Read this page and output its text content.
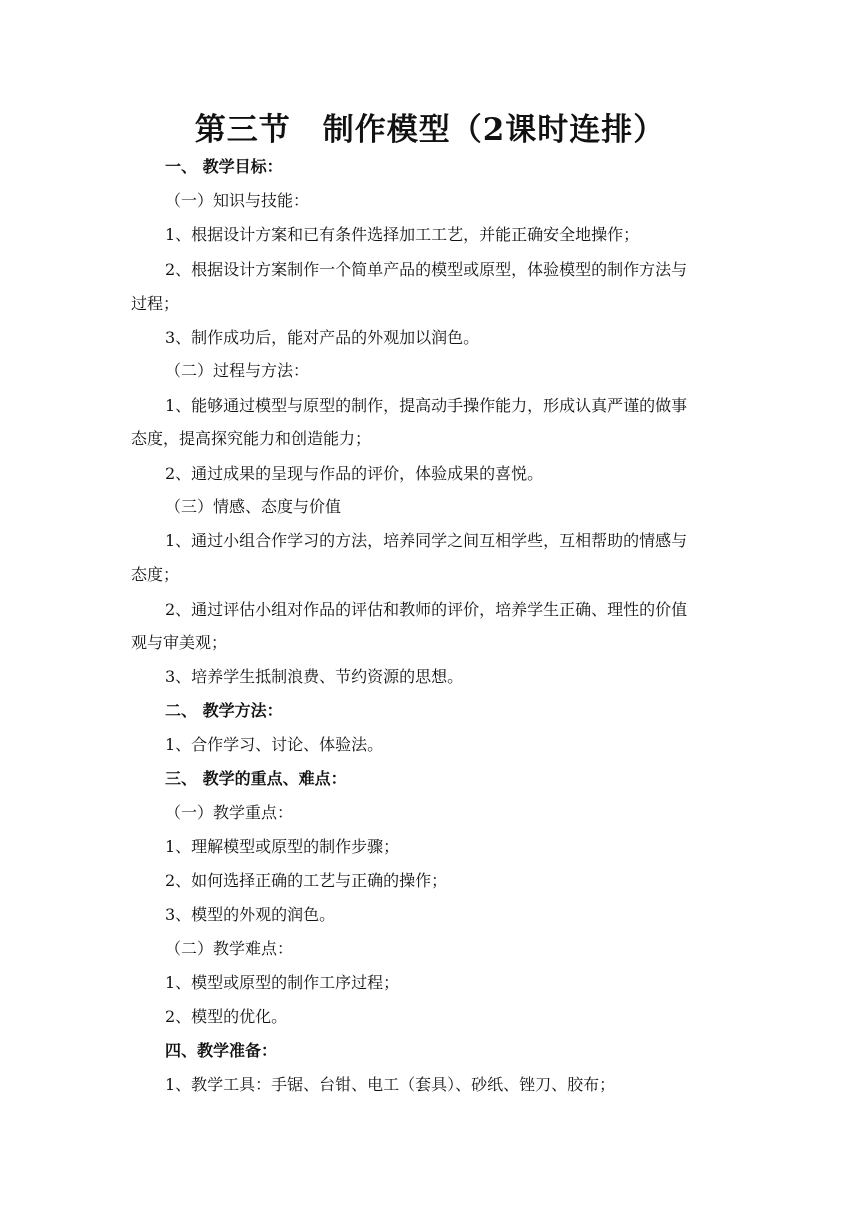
第三节　制作模型（2课时连排）
一、 教学目标：
（一）知识与技能：
1、根据设计方案和已有条件选择加工工艺，并能正确安全地操作；
2、根据设计方案制作一个简单产品的模型或原型，体验模型的制作方法与
过程；
3、制作成功后，能对产品的外观加以润色。
（二）过程与方法：
1、能够通过模型与原型的制作，提高动手操作能力，形成认真严谨的做事
态度，提高探究能力和创造能力；
2、通过成果的呈现与作品的评价，体验成果的喜悦。
（三）情感、态度与价值
1、通过小组合作学习的方法，培养同学之间互相学些，互相帮助的情感与
态度；
2、通过评估小组对作品的评估和教师的评价，培养学生正确、理性的价值
观与审美观；
3、培养学生抵制浪费、节约资源的思想。
二、 教学方法：
1、合作学习、讨论、体验法。
三、 教学的重点、难点：
（一）教学重点：
1、理解模型或原型的制作步骤；
2、如何选择正确的工艺与正确的操作；
3、模型的外观的润色。
（二）教学难点：
1、模型或原型的制作工序过程；
2、模型的优化。
四、教学准备：
1、教学工具：手锯、台钳、电工（套具）、砂纸、锉刀、胶布；
